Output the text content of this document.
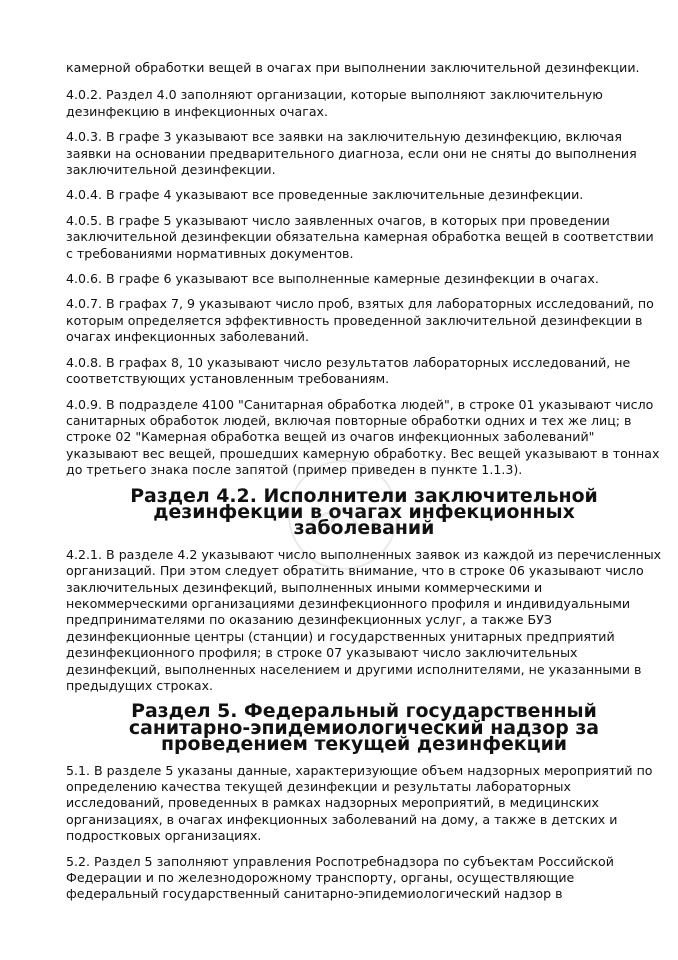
камерной обработки вещей в очагах при выполнении заключительной дезинфекции.

4.0.2. Раздел 4.0 заполняют организации, которые выполняют заключительную дезинфекцию в инфекционных очагах.

4.0.3. В графе 3 указывают все заявки на заключительную дезинфекцию, включая заявки на основании предварительного диагноза, если они не сняты до выполнения заключительной дезинфекции.

4.0.4. В графе 4 указывают все проведенные заключительные дезинфекции.

4.0.5. В графе 5 указывают число заявленных очагов, в которых при проведении заключительной дезинфекции обязательна камерная обработка вещей в соответствии с требованиями нормативных документов.

4.0.6. В графе 6 указывают все выполненные камерные дезинфекции в очагах.

4.0.7. В графах 7, 9 указывают число проб, взятых для лабораторных исследований, по которым определяется эффективность проведенной заключительной дезинфекции в очагах инфекционных заболеваний.

4.0.8. В графах 8, 10 указывают число результатов лабораторных исследований, не соответствующих установленным требованиям.

4.0.9. В подразделе 4100 "Санитарная обработка людей", в строке 01 указывают число санитарных обработок людей, включая повторные обработки одних и тех же лиц; в строке 02 "Камерная обработка вещей из очагов инфекционных заболеваний" указывают вес вещей, прошедших камерную обработку. Вес вещей указывают в тоннах до третьего знака после запятой (пример приведен в пункте 1.1.3).

Раздел 4.2. Исполнители заключительной дезинфекции в очагах инфекционных заболеваний

4.2.1. В разделе 4.2 указывают число выполненных заявок из каждой из перечисленных организаций. При этом следует обратить внимание, что в строке 06 указывают число заключительных дезинфекций, выполненных иными коммерческими и некоммерческими организациями дезинфекционного профиля и индивидуальными предпринимателями по оказанию дезинфекционных услуг, а также БУЗ дезинфекционные центры (станции) и государственных унитарных предприятий дезинфекционного профиля; в строке 07 указывают число заключительных дезинфекций, выполненных населением и другими исполнителями, не указанными в предыдущих строках.

Раздел 5. Федеральный государственный санитарно-эпидемиологический надзор за проведением текущей дезинфекции

5.1. В разделе 5 указаны данные, характеризующие объем надзорных мероприятий по определению качества текущей дезинфекции и результаты лабораторных исследований, проведенных в рамках надзорных мероприятий, в медицинских организациях, в очагах инфекционных заболеваний на дому, а также в детских и подростковых организациях.

5.2. Раздел 5 заполняют управления Роспотребнадзора по субъектам Российской Федерации и по железнодорожному транспорту, органы, осуществляющие федеральный государственный санитарно-эпидемиологический надзор в
